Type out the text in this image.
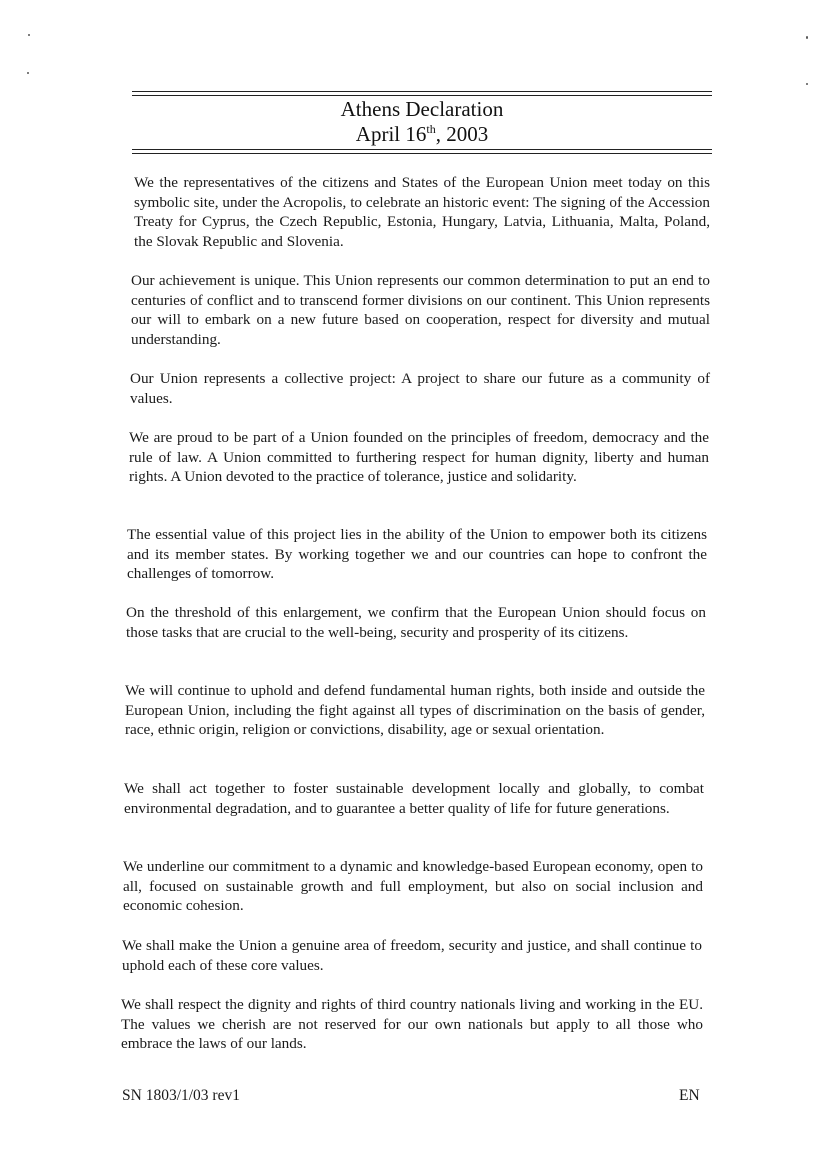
Athens Declaration
April 16th, 2003

We the representatives of the citizens and States of the European Union meet today on this symbolic site, under the Acropolis, to celebrate an historic event: The signing of the Accession Treaty for Cyprus, the Czech Republic, Estonia, Hungary, Latvia, Lithuania, Malta, Poland, the Slovak Republic and Slovenia.

Our achievement is unique. This Union represents our common determination to put an end to centuries of conflict and to transcend former divisions on our continent. This Union represents our will to embark on a new future based on cooperation, respect for diversity and mutual understanding.

Our Union represents a collective project: A project to share our future as a community of values.

We are proud to be part of a Union founded on the principles of freedom, democracy and the rule of law. A Union committed to furthering respect for human dignity, liberty and human rights. A Union devoted to the practice of tolerance, justice and solidarity.

The essential value of this project lies in the ability of the Union to empower both its citizens and its member states. By working together we and our countries can hope to confront the challenges of tomorrow.

On the threshold of this enlargement, we confirm that the European Union should focus on those tasks that are crucial to the well-being, security and prosperity of its citizens.

We will continue to uphold and defend fundamental human rights, both inside and outside the European Union, including the fight against all types of discrimination on the basis of gender, race, ethnic origin, religion or convictions, disability, age or sexual orientation.

We shall act together to foster sustainable development locally and globally, to combat environmental degradation, and to guarantee a better quality of life for future generations.

We underline our commitment to a dynamic and knowledge-based European economy, open to all, focused on sustainable growth and full employment, but also on social inclusion and economic cohesion.

We shall make the Union a genuine area of freedom, security and justice, and shall continue to uphold each of these core values.

We shall respect the dignity and rights of third country nationals living and working in the EU. The values we cherish are not reserved for our own nationals but apply to all those who embrace the laws of our lands.

SN 1803/1/03 rev1	EN
